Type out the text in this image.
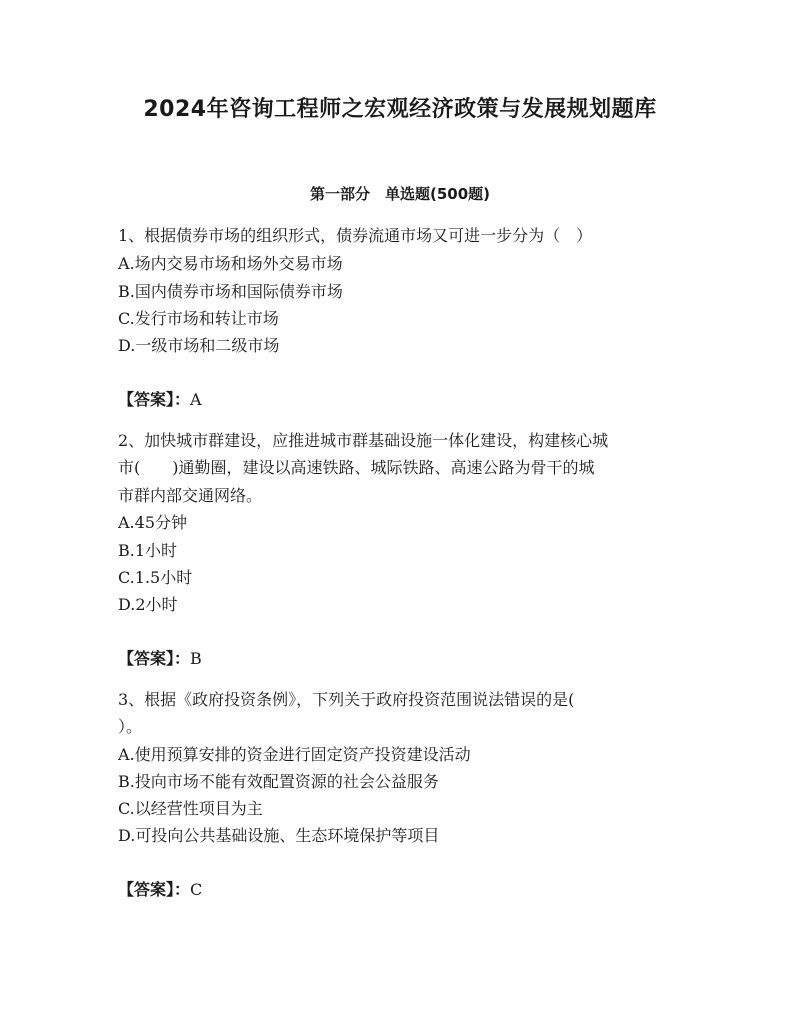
2024年咨询工程师之宏观经济政策与发展规划题库
第一部分　单选题(500题)
1、根据债券市场的组织形式，债券流通市场又可进一步分为（　）
A.场内交易市场和场外交易市场
B.国内债券市场和国际债券市场
C.发行市场和转让市场
D.一级市场和二级市场
【答案】：A
2、加快城市群建设，应推进城市群基础设施一体化建设，构建核心城
市(　　)通勤圈，建设以高速铁路、城际铁路、高速公路为骨干的城
市群内部交通网络。
A.45分钟
B.1小时
C.1.5小时
D.2小时
【答案】：B
3、根据《政府投资条例》，下列关于政府投资范围说法错误的是(
）。
A.使用预算安排的资金进行固定资产投资建设活动
B.投向市场不能有效配置资源的社会公益服务
C.以经营性项目为主
D.可投向公共基础设施、生态环境保护等项目
【答案】：C
